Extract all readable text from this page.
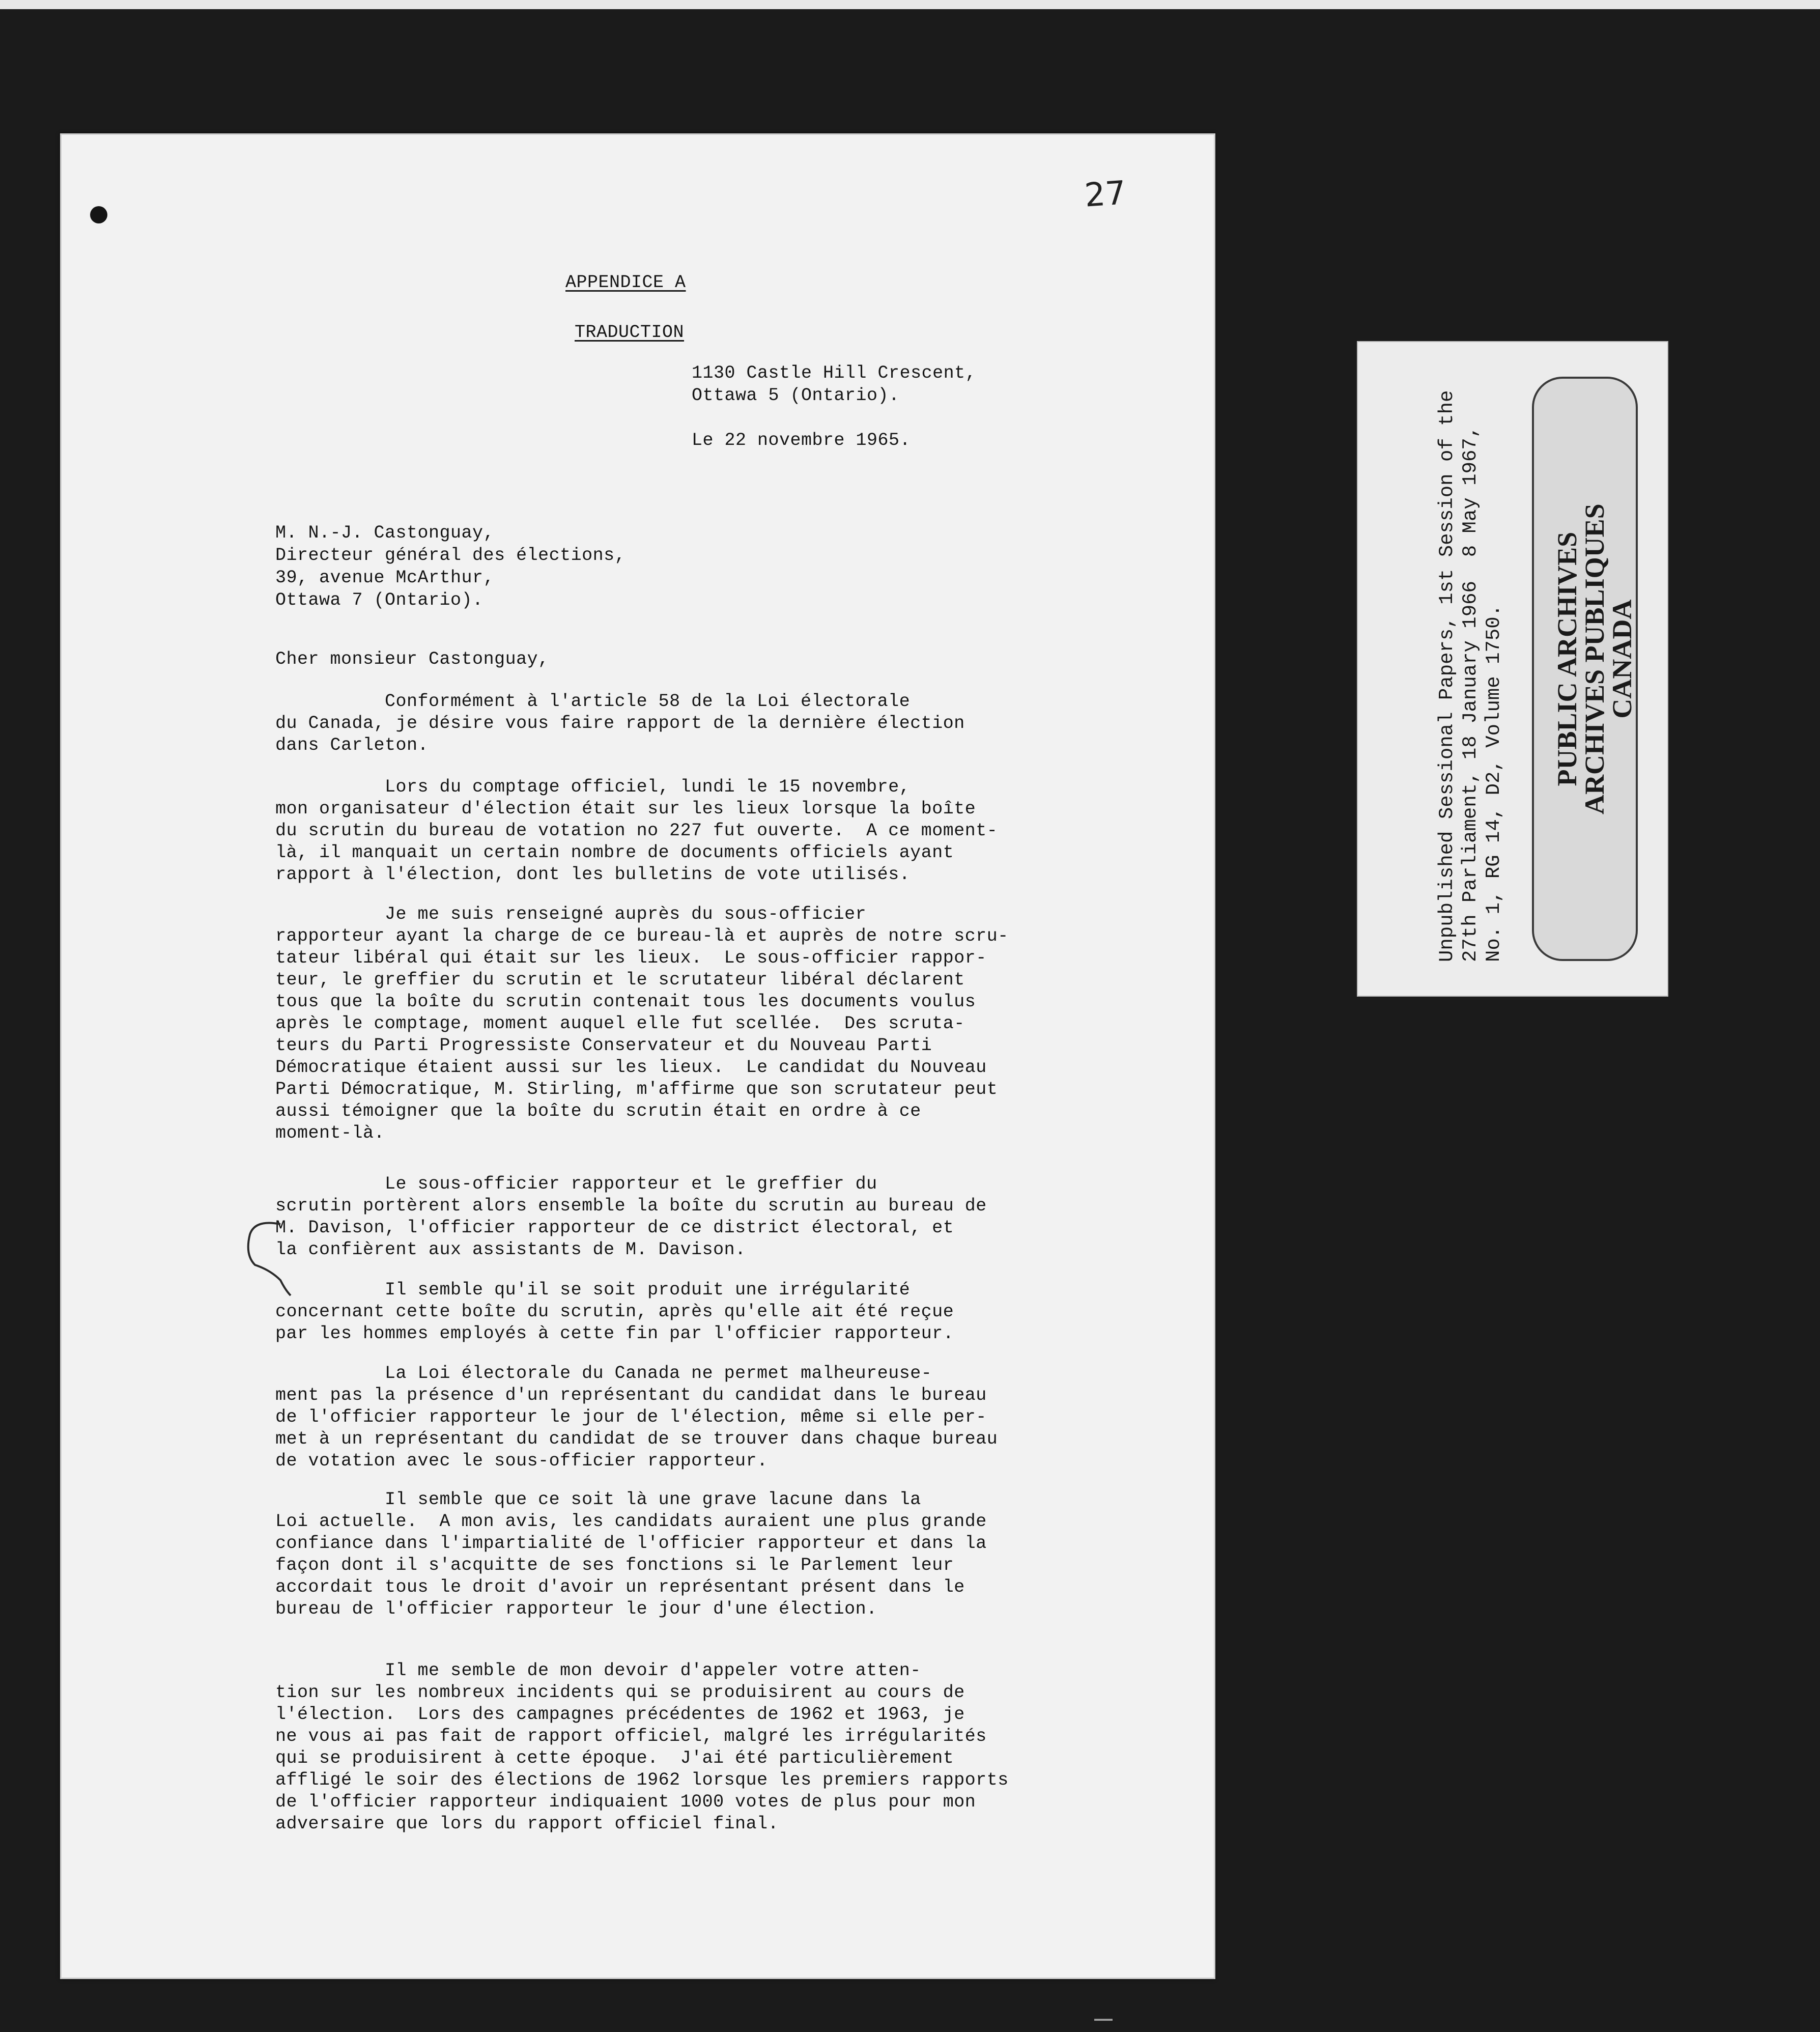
27
APPENDICE A
TRADUCTION
1130 Castle Hill Crescent,
Ottawa 5 (Ontario).
Le 22 novembre 1965.
M. N.-J. Castonguay,
Directeur général des élections,
39, avenue McArthur,
Ottawa 7 (Ontario).
Cher monsieur Castonguay,
Conformément à l'article 58 de la Loi électorale
du Canada, je désire vous faire rapport de la dernière élection
dans Carleton.
Lors du comptage officiel, lundi le 15 novembre,
mon organisateur d'élection était sur les lieux lorsque la boîte
du scrutin du bureau de votation no 227 fut ouverte.  A ce moment-
là, il manquait un certain nombre de documents officiels ayant
rapport à l'élection, dont les bulletins de vote utilisés.
Je me suis renseigné auprès du sous-officier
rapporteur ayant la charge de ce bureau-là et auprès de notre scru-
tateur libéral qui était sur les lieux.  Le sous-officier rappor-
teur, le greffier du scrutin et le scrutateur libéral déclarent
tous que la boîte du scrutin contenait tous les documents voulus
après le comptage, moment auquel elle fut scellée.  Des scruta-
teurs du Parti Progressiste Conservateur et du Nouveau Parti
Démocratique étaient aussi sur les lieux.  Le candidat du Nouveau
Parti Démocratique, M. Stirling, m'affirme que son scrutateur peut
aussi témoigner que la boîte du scrutin était en ordre à ce
moment-là.
Le sous-officier rapporteur et le greffier du
scrutin portèrent alors ensemble la boîte du scrutin au bureau de
M. Davison, l'officier rapporteur de ce district électoral, et
la confièrent aux assistants de M. Davison.
Il semble qu'il se soit produit une irrégularité
concernant cette boîte du scrutin, après qu'elle ait été reçue
par les hommes employés à cette fin par l'officier rapporteur.
La Loi électorale du Canada ne permet malheureuse-
ment pas la présence d'un représentant du candidat dans le bureau
de l'officier rapporteur le jour de l'élection, même si elle per-
met à un représentant du candidat de se trouver dans chaque bureau
de votation avec le sous-officier rapporteur.
Il semble que ce soit là une grave lacune dans la
Loi actuelle.  A mon avis, les candidats auraient une plus grande
confiance dans l'impartialité de l'officier rapporteur et dans la
façon dont il s'acquitte de ses fonctions si le Parlement leur
accordait tous le droit d'avoir un représentant présent dans le
bureau de l'officier rapporteur le jour d'une élection.
Il me semble de mon devoir d'appeler votre atten-
tion sur les nombreux incidents qui se produisirent au cours de
l'élection.  Lors des campagnes précédentes de 1962 et 1963, je
ne vous ai pas fait de rapport officiel, malgré les irrégularités
qui se produisirent à cette époque.  J'ai été particulièrement
affligé le soir des élections de 1962 lorsque les premiers rapports
de l'officier rapporteur indiquaient 1000 votes de plus pour mon
adversaire que lors du rapport officiel final.
Unpublished Sessional Papers, 1st Session of the
27th Parliament, 18 January 1966  8 May 1967,
No. 1, RG 14, D2, Volume 1750. PUBLIC ARCHIVES
ARCHIVES PUBLIQUES
CANADA
